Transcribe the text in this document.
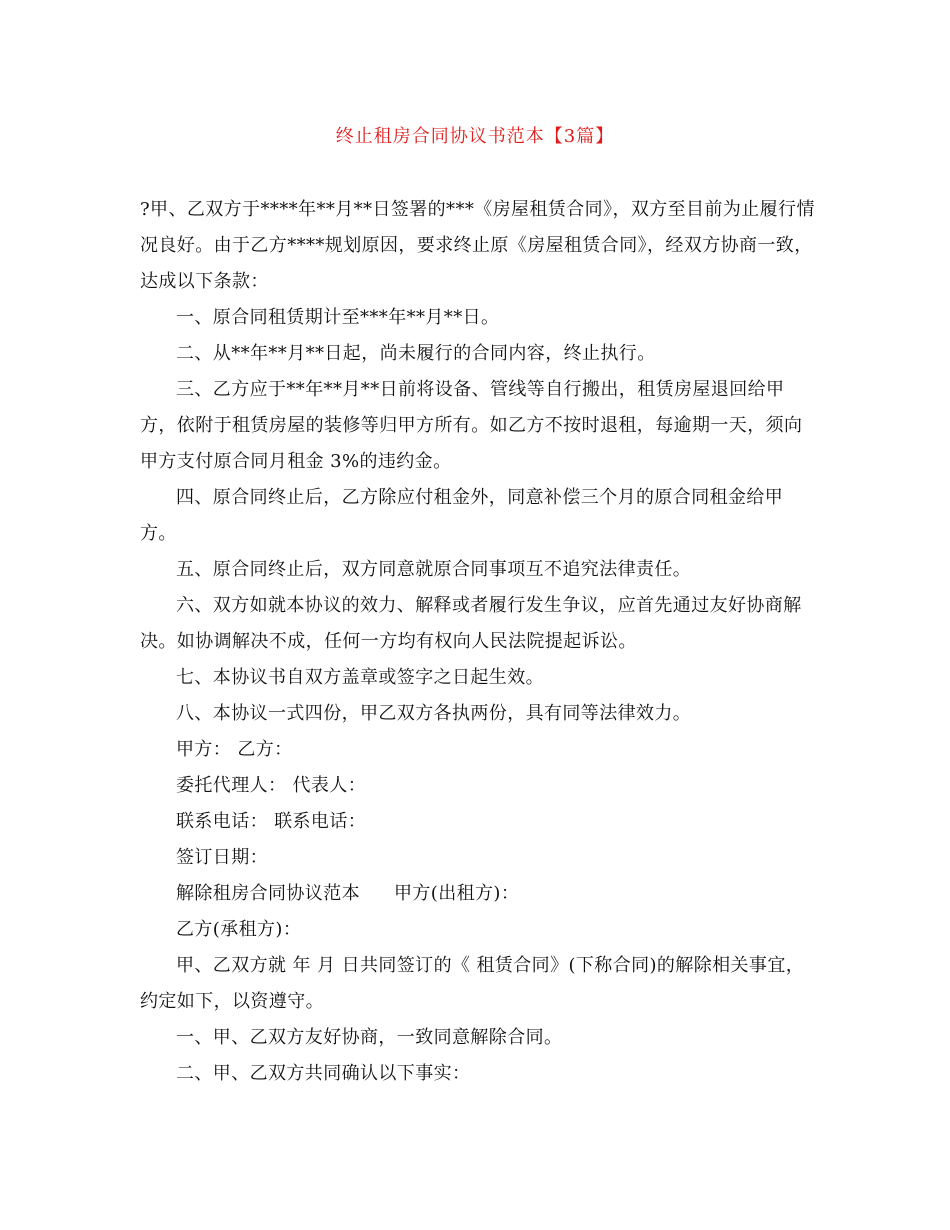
终止租房合同协议书范本【3篇】

?甲、乙双方于****年**月**日签署的***《房屋租赁合同》，双方至目前为止履行情况良好。由于乙方****规划原因，要求终止原《房屋租赁合同》，经双方协商一致，达成以下条款：

一、原合同租赁期计至***年**月**日。

二、从**年**月**日起，尚未履行的合同内容，终止执行。

三、乙方应于**年**月**日前将设备、管线等自行搬出，租赁房屋退回给甲方，依附于租赁房屋的装修等归甲方所有。如乙方不按时退租，每逾期一天，须向甲方支付原合同月租金 3%的违约金。

四、原合同终止后，乙方除应付租金外，同意补偿三个月的原合同租金给甲方。

五、原合同终止后，双方同意就原合同事项互不追究法律责任。

六、双方如就本协议的效力、解释或者履行发生争议，应首先通过友好协商解决。如协调解决不成，任何一方均有权向人民法院提起诉讼。

七、本协议书自双方盖章或签字之日起生效。

八、本协议一式四份，甲乙双方各执两份，具有同等法律效力。

甲方： 乙方：

委托代理人： 代表人：

联系电话： 联系电话：

签订日期：

解除租房合同协议范本 甲方(出租方)：

乙方(承租方)：

甲、乙双方就 年 月 日共同签订的《 租赁合同》(下称合同)的解除相关事宜，约定如下，以资遵守。

一、甲、乙双方友好协商，一致同意解除合同。

二、甲、乙双方共同确认以下事实：
